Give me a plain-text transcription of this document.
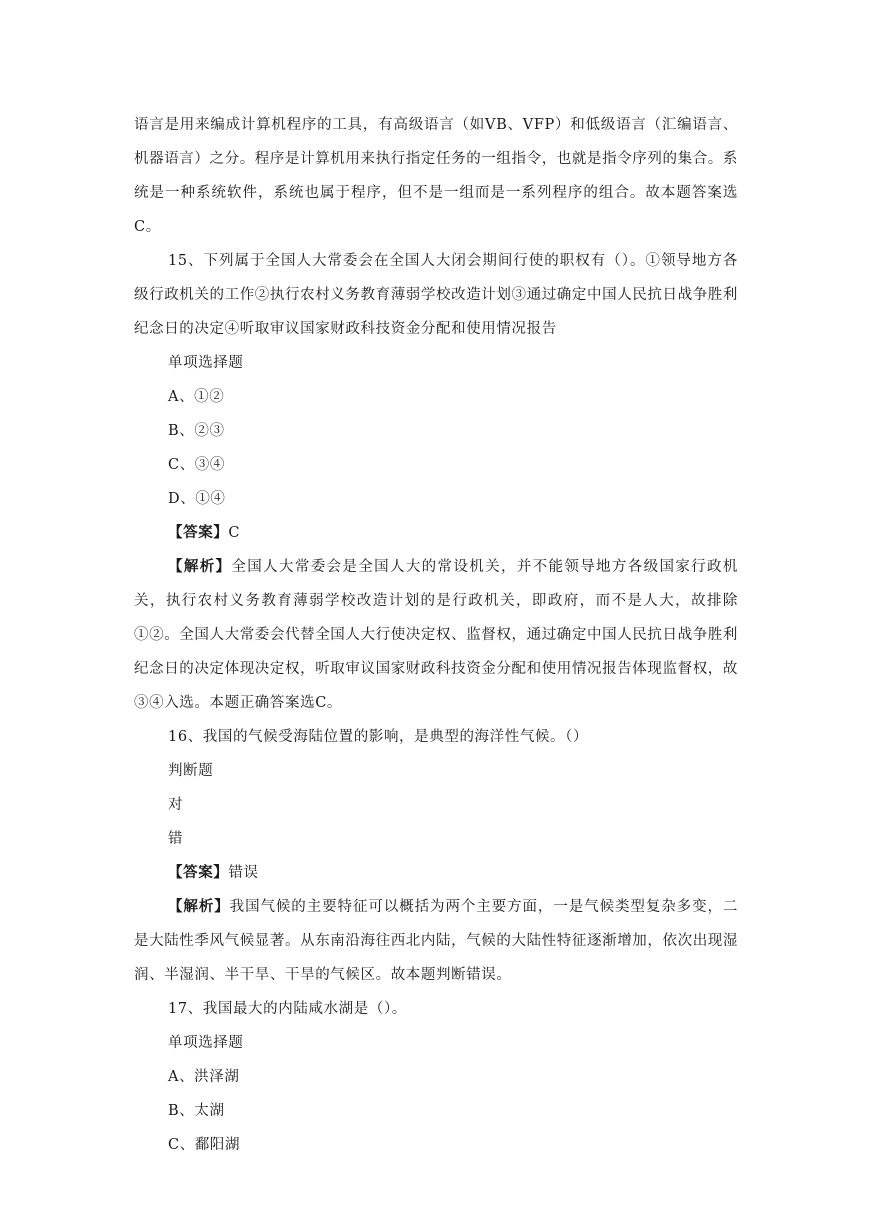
语言是用来编成计算机程序的工具，有高级语言（如VB、VFP）和低级语言（汇编语言、机器语言）之分。程序是计算机用来执行指定任务的一组指令，也就是指令序列的集合。系统是一种系统软件，系统也属于程序，但不是一组而是一系列程序的组合。故本题答案选C。

15、下列属于全国人大常委会在全国人大闭会期间行使的职权有（）。①领导地方各级行政机关的工作②执行农村义务教育薄弱学校改造计划③通过确定中国人民抗日战争胜利纪念日的决定④听取审议国家财政科技资金分配和使用情况报告

单项选择题

A、①②

B、②③

C、③④

D、①④

【答案】C

【解析】全国人大常委会是全国人大的常设机关，并不能领导地方各级国家行政机关，执行农村义务教育薄弱学校改造计划的是行政机关，即政府，而不是人大，故排除①②。全国人大常委会代替全国人大行使决定权、监督权，通过确定中国人民抗日战争胜利纪念日的决定体现决定权，听取审议国家财政科技资金分配和使用情况报告体现监督权，故③④入选。本题正确答案选C。

16、我国的气候受海陆位置的影响，是典型的海洋性气候。（）

判断题

对

错

【答案】错误

【解析】我国气候的主要特征可以概括为两个主要方面，一是气候类型复杂多变，二是大陆性季风气候显著。从东南沿海往西北内陆，气候的大陆性特征逐渐增加，依次出现湿润、半湿润、半干旱、干旱的气候区。故本题判断错误。

17、我国最大的内陆咸水湖是（）。

单项选择题

A、洪泽湖

B、太湖

C、鄱阳湖
